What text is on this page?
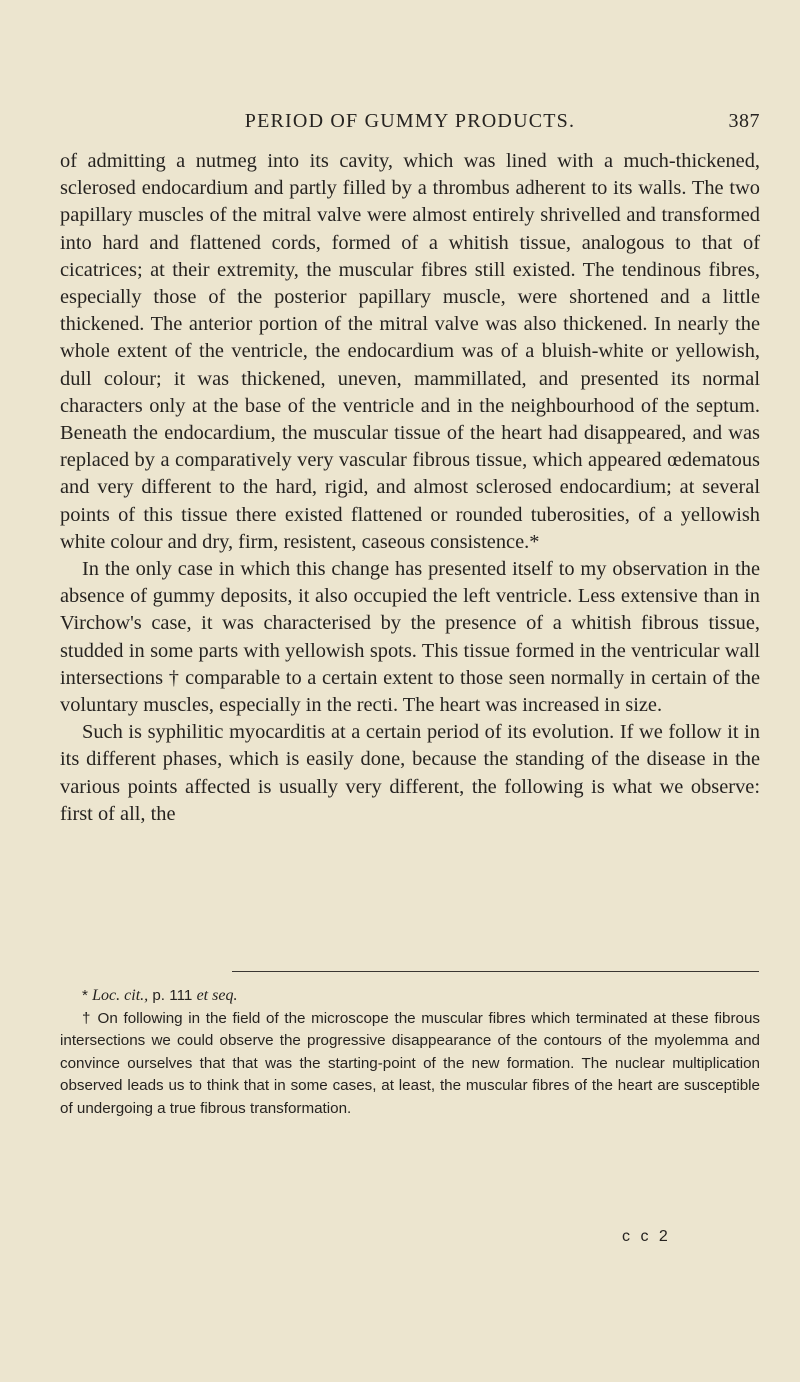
PERIOD OF GUMMY PRODUCTS.	387

of admitting a nutmeg into its cavity, which was lined with a much-thickened, sclerosed endocardium and partly filled by a thrombus adherent to its walls. The two papillary muscles of the mitral valve were almost entirely shrivelled and transformed into hard and flattened cords, formed of a whitish tissue, analogous to that of cicatrices; at their extremity, the muscular fibres still existed. The tendinous fibres, especially those of the posterior papillary muscle, were shortened and a little thickened. The anterior portion of the mitral valve was also thickened. In nearly the whole extent of the ventricle, the endocardium was of a bluish-white or yellowish, dull colour; it was thickened, uneven, mammillated, and presented its normal characters only at the base of the ventricle and in the neighbourhood of the septum. Beneath the endocardium, the muscular tissue of the heart had disappeared, and was replaced by a comparatively very vascular fibrous tissue, which appeared œdematous and very different to the hard, rigid, and almost sclerosed endocardium; at several points of this tissue there existed flattened or rounded tuberosities, of a yellowish white colour and dry, firm, resistent, caseous consistence.*

In the only case in which this change has presented itself to my observation in the absence of gummy deposits, it also occupied the left ventricle. Less extensive than in Virchow's case, it was characterised by the presence of a whitish fibrous tissue, studded in some parts with yellowish spots. This tissue formed in the ventricular wall intersections † comparable to a certain extent to those seen normally in certain of the voluntary muscles, especially in the recti. The heart was increased in size.

Such is syphilitic myocarditis at a certain period of its evolution. If we follow it in its different phases, which is easily done, because the standing of the disease in the various points affected is usually very different, the following is what we observe: first of all, the

* Loc. cit., p. 111 et seq.

† On following in the field of the microscope the muscular fibres which terminated at these fibrous intersections we could observe the progressive disappearance of the contours of the myolemma and convince ourselves that that was the starting-point of the new formation. The nuclear multiplication observed leads us to think that in some cases, at least, the muscular fibres of the heart are susceptible of undergoing a true fibrous transformation.

c c 2
